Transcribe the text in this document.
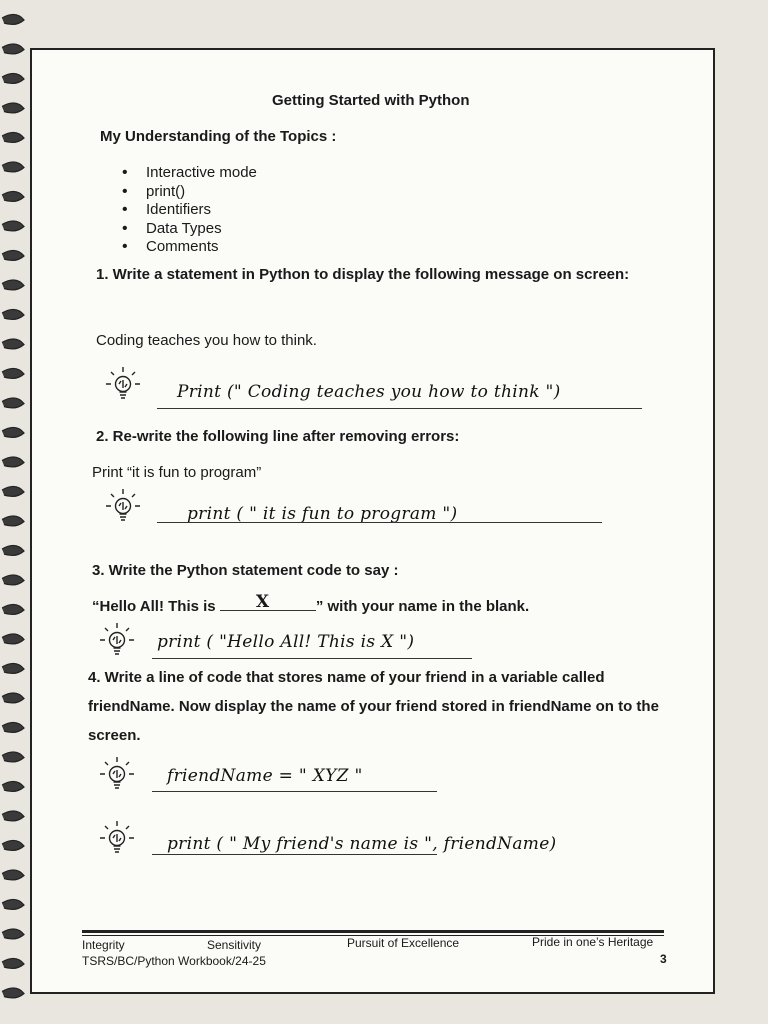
Getting Started with Python
My Understanding of the Topics :
• Interactive mode
• print()
• Identifiers
• Data Types
• Comments
1. Write a statement in Python to display the following message on screen:
Coding teaches you how to think.
Print (" Coding teaches you how to think ")
2. Re-write the following line after removing errors:
Print “it is fun to program”
print ( " it is fun to program ")
3. Write the Python statement code to say :
“Hello All! This is X	” with your name in the blank.
print ( "Hello All! This is X ")
4. Write a line of code that stores name of your friend in a variable called friendName. Now display the name of your friend stored in friendName on to the screen.
friendName = " XYZ "
print ( " My friend's name is ", friendName)
Integrity	Sensitivity	Pursuit of Excellence	Pride in one’s Heritage
TSRS/BC/Python Workbook/24-25	3
